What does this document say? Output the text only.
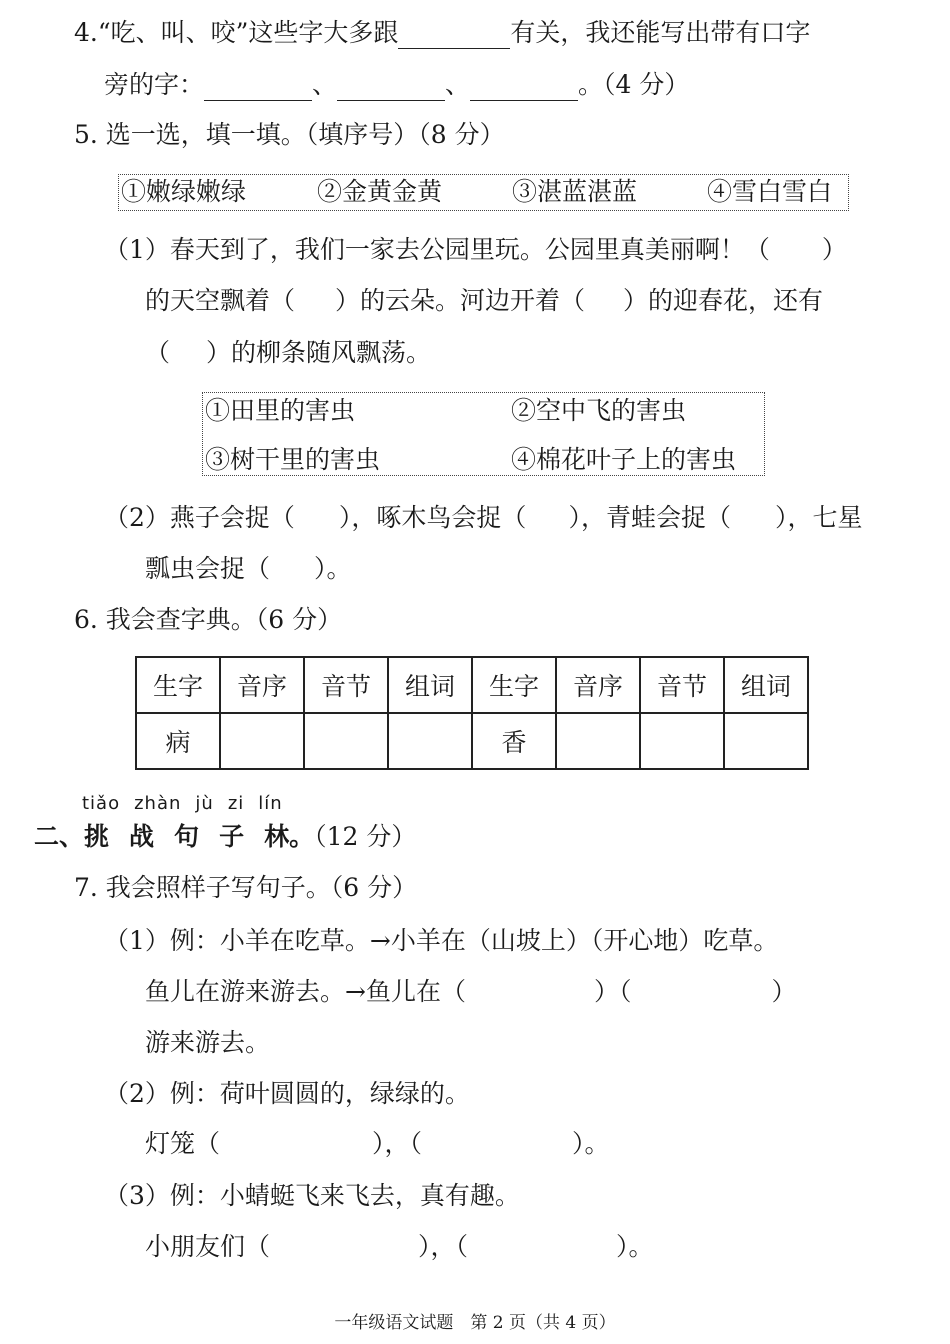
4.“吃、叫、咬”这些字大多跟	有关，我还能写出带有口字
旁的字：	、	、	。（4 分）
5. 选一选，填一填。（填序号）（8 分）
①嫩绿嫩绿	②金黄金黄	③湛蓝湛蓝	④雪白雪白
（1）春天到了，我们一家去公园里玩。公园里真美丽啊！（ ）
的天空飘着（ ）的云朵。河边开着（ ）的迎春花，还有
（ ）的柳条随风飘荡。
①田里的害虫	②空中飞的害虫
③树干里的害虫	④棉花叶子上的害虫
（2）燕子会捉（ ），啄木鸟会捉（ ），青蛙会捉（ ），七星
瓢虫会捉（ ）。
6. 我会查字典。（6 分）
生字	音序	音节	组词	生字	音序	音节	组词
病				香			
tiǎo zhàn jù zi lín
二、挑 战 句 子 林。（12 分）
7. 我会照样子写句子。（6 分）
（1）例：小羊在吃草。→小羊在（山坡上）（开心地）吃草。
鱼儿在游来游去。→鱼儿在（	）（	）
游来游去。
（2）例：荷叶圆圆的，绿绿的。
灯笼（	），（	）。
（3）例：小蜻蜓飞来飞去，真有趣。
小朋友们（	），（	）。
一年级语文试题　第 2 页（共 4 页）
